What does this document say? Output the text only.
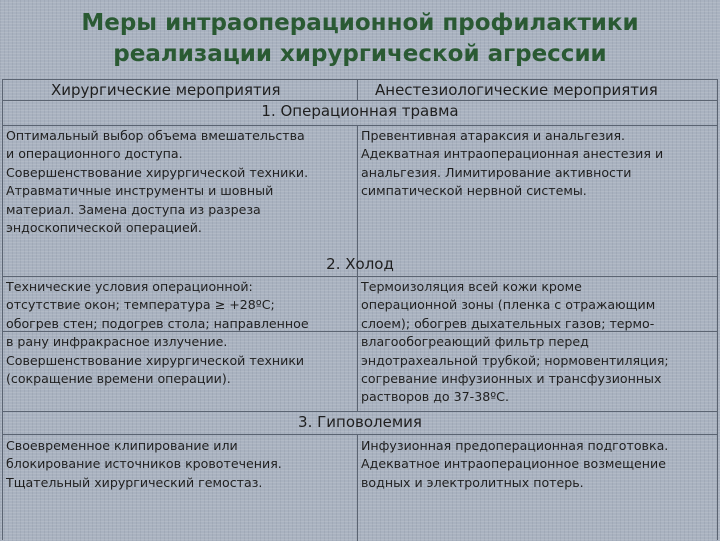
Меры интраоперационной профилактики
реализации хирургической агрессии
Хирургические мероприятия	Анестезиологические мероприятия
1. Операционная травма
Оптимальный выбор объема вмешательства
и операционного доступа.
Совершенствование хирургической техники.
Атравматичные инструменты и шовный
материал. Замена доступа из разреза
эндоскопической операцией.
Превентивная атараксия и анальгезия.
Адекватная интраоперационная анестезия и
анальгезия. Лимитирование активности
симпатической нервной системы.
2. Холод
Технические условия операционной:
отсутствие окон; температура ≥ +28ºС;
обогрев стен; подогрев стола; направленное
в рану инфракрасное излучение.
Совершенствование хирургической техники
(сокращение времени операции).
Термоизоляция всей кожи кроме
операционной зоны (пленка с отражающим
слоем); обогрев дыхательных газов; термо-
влагообогреающий фильтр перед
эндотрахеальной трубкой; нормовентиляция;
согревание инфузионных и трансфузионных
растворов до 37-38ºС.
3. Гиповолемия
Своевременное клипирование или
блокирование источников кровотечения.
Тщательный хирургический гемостаз.
Инфузионная предоперационная подготовка.
Адекватное интраоперационное возмещение
водных и электролитных потерь.
